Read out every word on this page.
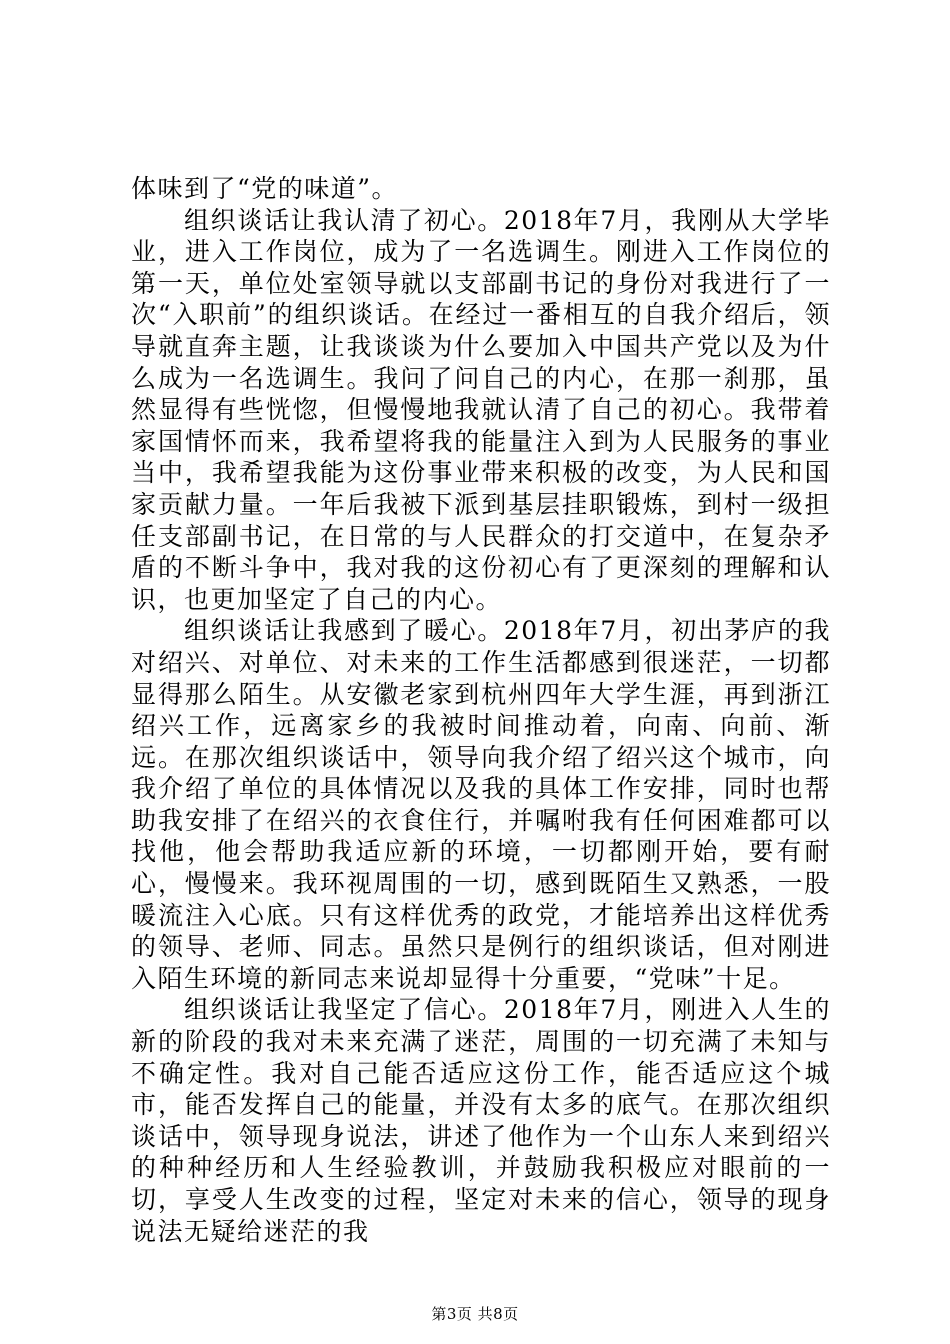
体味到了“党的味道”。

组织谈话让我认清了初心。2018年7月，我刚从大学毕业，进入工作岗位，成为了一名选调生。刚进入工作岗位的第一天，单位处室领导就以支部副书记的身份对我进行了一次“入职前”的组织谈话。在经过一番相互的自我介绍后，领导就直奔主题，让我谈谈为什么要加入中国共产党以及为什么成为一名选调生。我问了问自己的内心，在那一刹那，虽然显得有些恍惚，但慢慢地我就认清了自己的初心。我带着家国情怀而来，我希望将我的能量注入到为人民服务的事业当中，我希望我能为这份事业带来积极的改变，为人民和国家贡献力量。一年后我被下派到基层挂职锻炼，到村一级担任支部副书记，在日常的与人民群众的打交道中，在复杂矛盾的不断斗争中，我对我的这份初心有了更深刻的理解和认识，也更加坚定了自己的内心。

组织谈话让我感到了暖心。2018年7月，初出茅庐的我对绍兴、对单位、对未来的工作生活都感到很迷茫，一切都显得那么陌生。从安徽老家到杭州四年大学生涯，再到浙江绍兴工作，远离家乡的我被时间推动着，向南、向前、渐远。在那次组织谈话中，领导向我介绍了绍兴这个城市，向我介绍了单位的具体情况以及我的具体工作安排，同时也帮助我安排了在绍兴的衣食住行，并嘱咐我有任何困难都可以找他，他会帮助我适应新的环境，一切都刚开始，要有耐心，慢慢来。我环视周围的一切，感到既陌生又熟悉，一股暖流注入心底。只有这样优秀的政党，才能培养出这样优秀的领导、老师、同志。虽然只是例行的组织谈话，但对刚进入陌生环境的新同志来说却显得十分重要，“党味”十足。

组织谈话让我坚定了信心。2018年7月，刚进入人生的新的阶段的我对未来充满了迷茫，周围的一切充满了未知与不确定性。我对自己能否适应这份工作，能否适应这个城市，能否发挥自己的能量，并没有太多的底气。在那次组织谈话中，领导现身说法，讲述了他作为一个山东人来到绍兴的种种经历和人生经验教训，并鼓励我积极应对眼前的一切，享受人生改变的过程，坚定对未来的信心，领导的现身说法无疑给迷茫的我

第3页 共8页
